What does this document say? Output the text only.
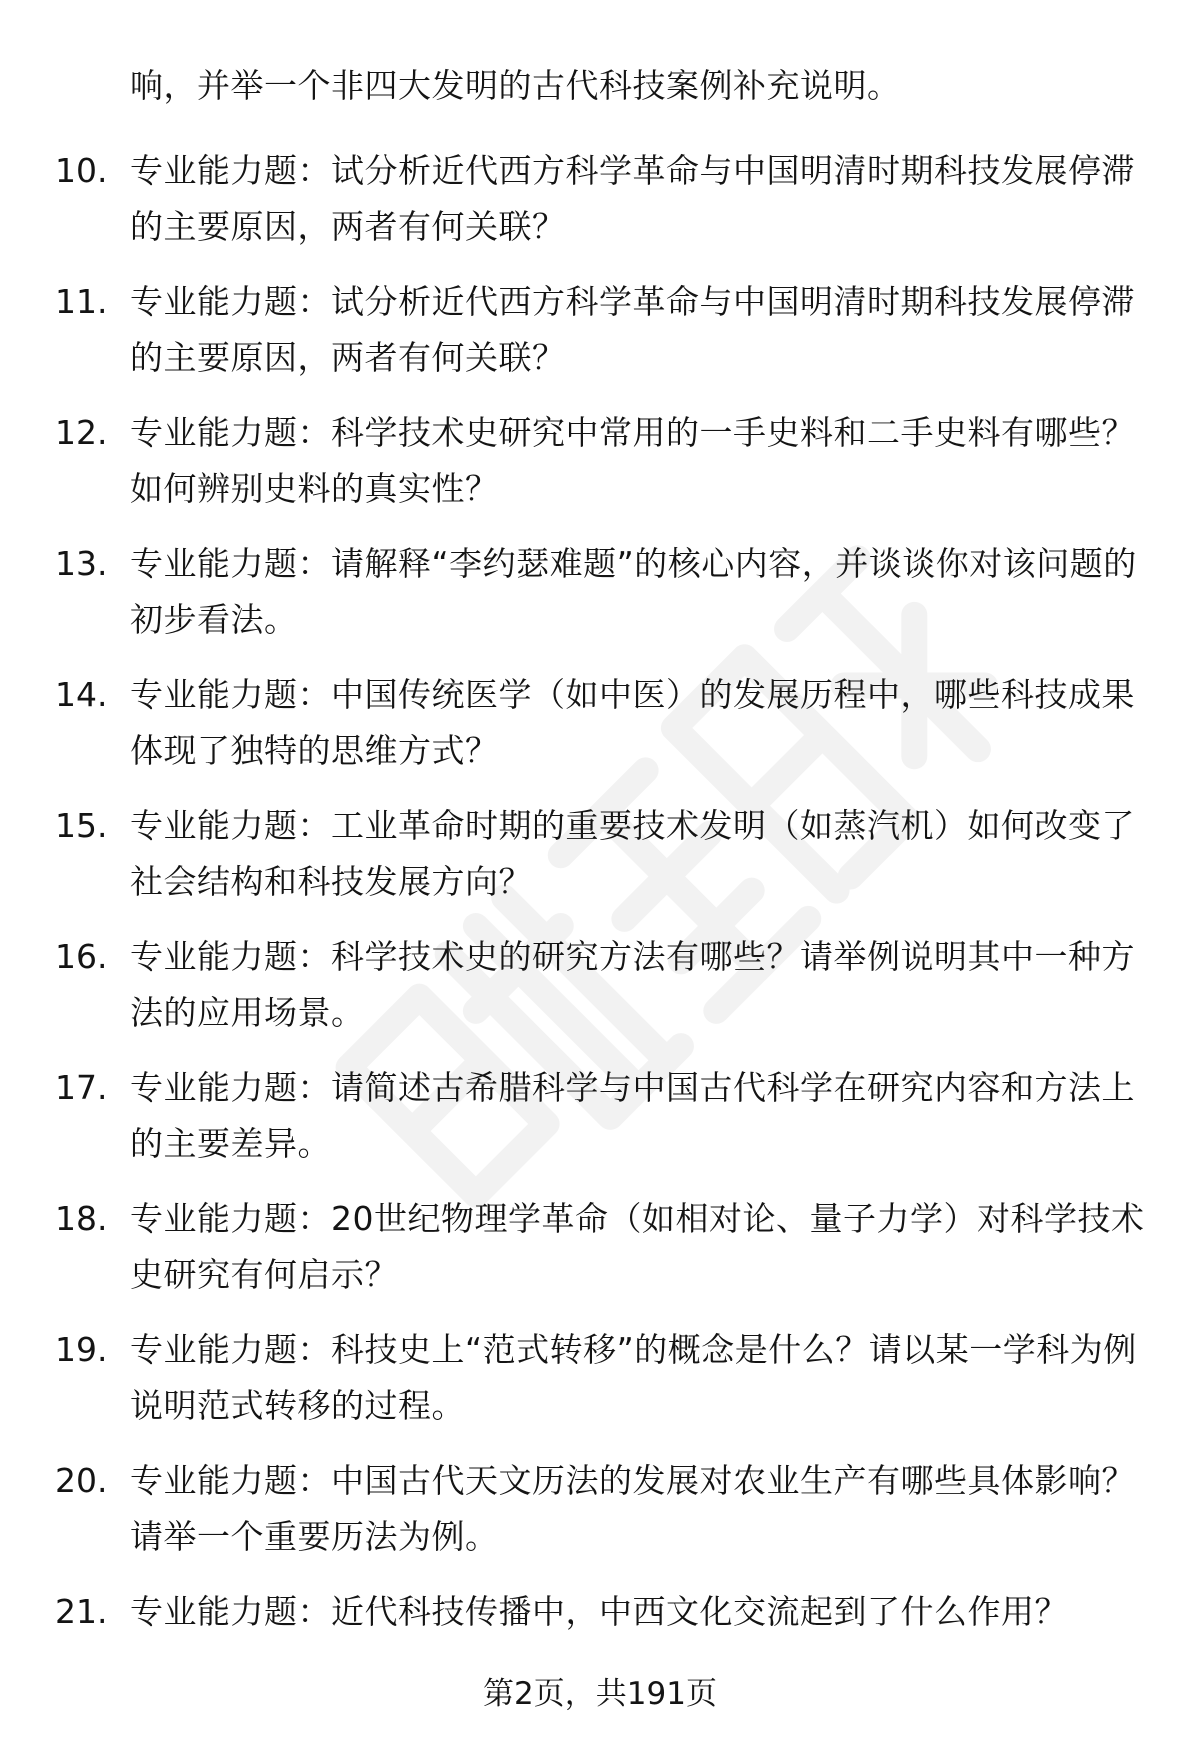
响，并举一个非四大发明的古代科技案例补充说明。
10. 专业能力题：试分析近代西方科学革命与中国明清时期科技发展停滞的主要原因，两者有何关联？
11. 专业能力题：试分析近代西方科学革命与中国明清时期科技发展停滞的主要原因，两者有何关联？
12. 专业能力题：科学技术史研究中常用的一手史料和二手史料有哪些？如何辨别史料的真实性？
13. 专业能力题：请解释“李约瑟难题”的核心内容，并谈谈你对该问题的初步看法。
14. 专业能力题：中国传统医学（如中医）的发展历程中，哪些科技成果体现了独特的思维方式？
15. 专业能力题：工业革命时期的重要技术发明（如蒸汽机）如何改变了社会结构和科技发展方向？
16. 专业能力题：科学技术史的研究方法有哪些？请举例说明其中一种方法的应用场景。
17. 专业能力题：请简述古希腊科学与中国古代科学在研究内容和方法上的主要差异。
18. 专业能力题：20世纪物理学革命（如相对论、量子力学）对科学技术史研究有何启示？
19. 专业能力题：科技史上“范式转移”的概念是什么？请以某一学科为例说明范式转移的过程。
20. 专业能力题：中国古代天文历法的发展对农业生产有哪些具体影响？请举一个重要历法为例。
21. 专业能力题：近代科技传播中，中西文化交流起到了什么作用？
第2页，共191页
